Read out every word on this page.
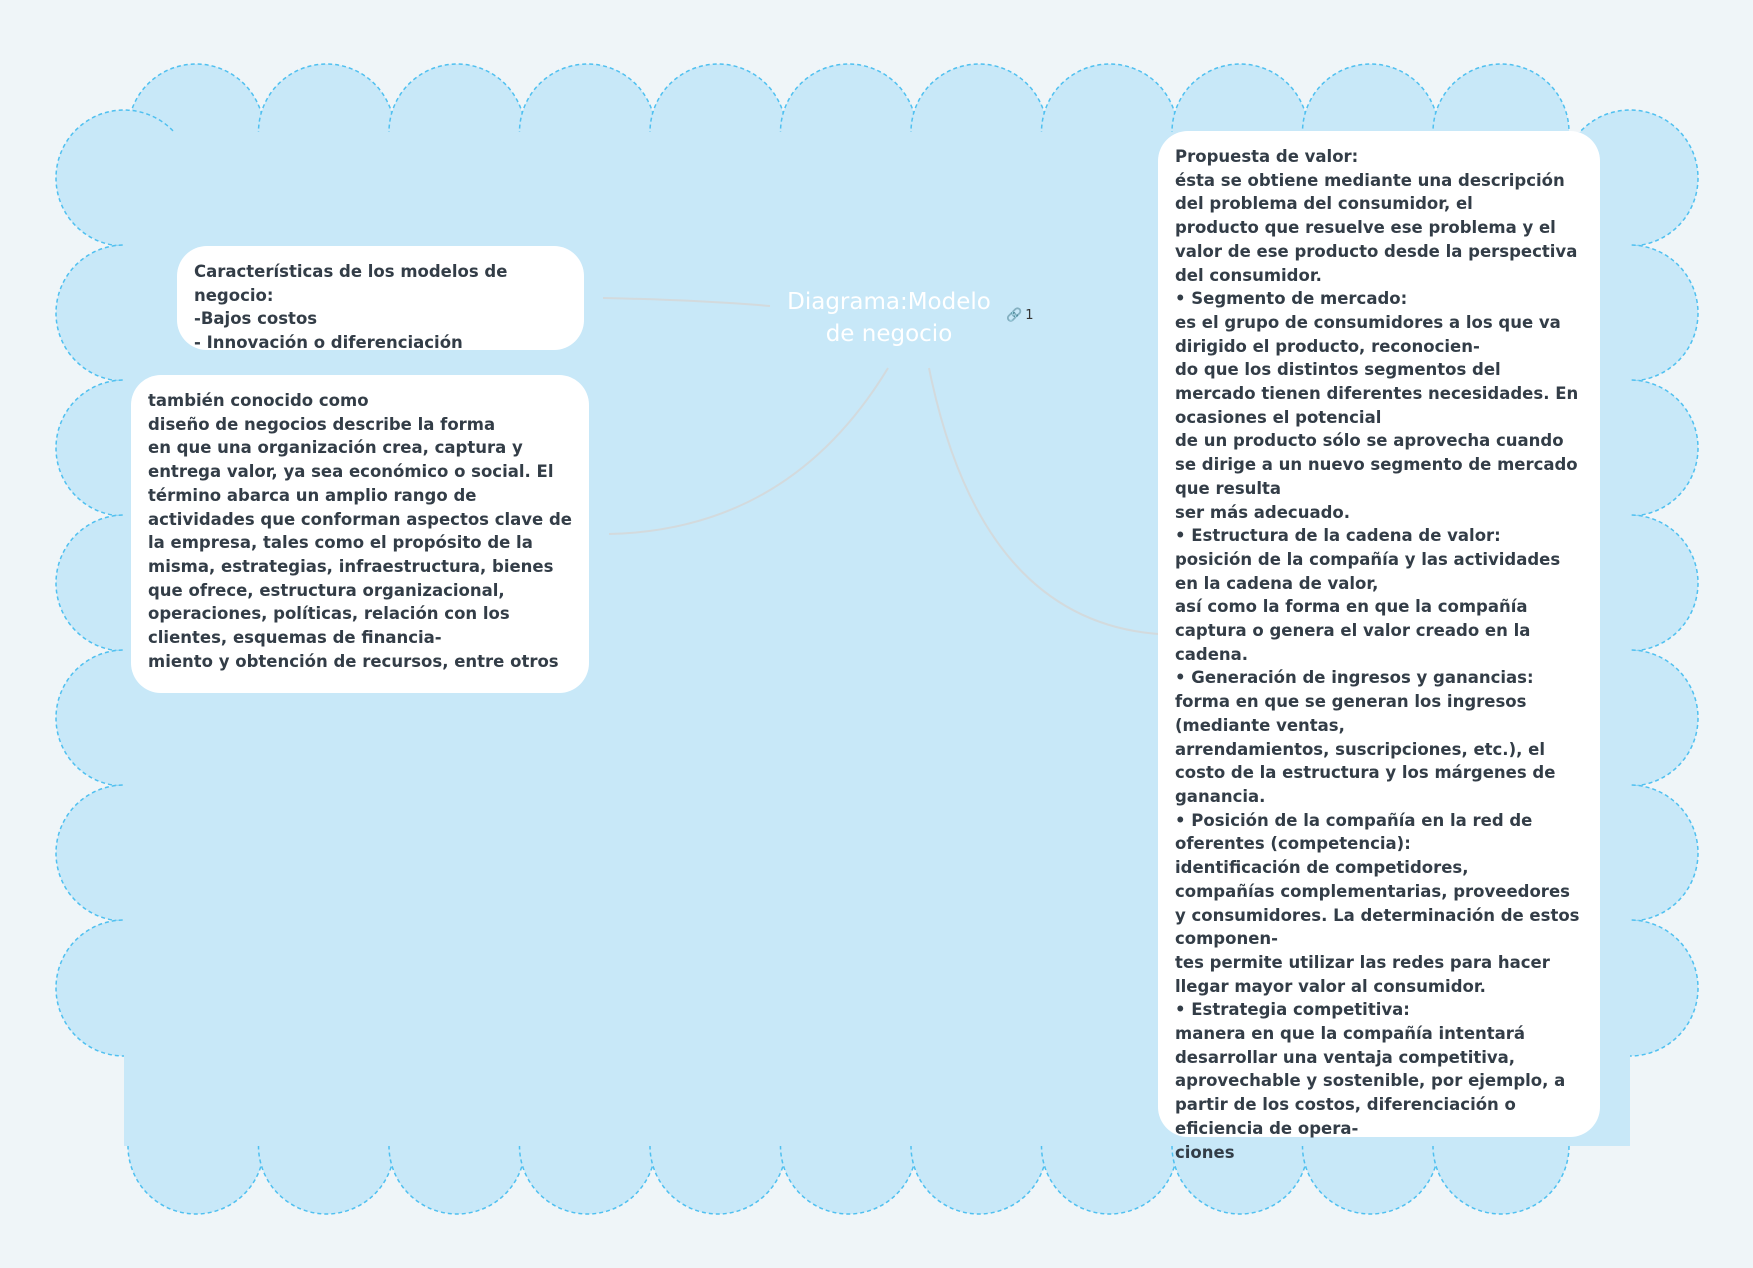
Diagrama:Modelo de negocio
🔗 1
Características de los modelos de negocio:
-Bajos costos
- Innovación o diferenciación
también conocido como
diseño de negocios describe la forma
en que una organización crea, captura y entrega valor, ya sea económico o social. El
término abarca un amplio rango de actividades que conforman aspectos clave de la empresa, tales como el propósito de la misma, estrategias, infraestructura, bienes que ofrece, estructura organizacional, operaciones, políticas, relación con los clientes, esquemas de financia-
miento y obtención de recursos, entre otros
Propuesta de valor:
ésta se obtiene mediante una descripción del problema del consumidor, el
producto que resuelve ese problema y el valor de ese producto desde la perspectiva del consumidor.
• Segmento de mercado:
es el grupo de consumidores a los que va dirigido el producto, reconocien-
do que los distintos segmentos del mercado tienen diferentes necesidades. En ocasiones el potencial
de un producto sólo se aprovecha cuando se dirige a un nuevo segmento de mercado que resulta
ser más adecuado.
• Estructura de la cadena de valor:
posición de la compañía y las actividades en la cadena de valor,
así como la forma en que la compañía captura o genera el valor creado en la cadena.
• Generación de ingresos y ganancias:
forma en que se generan los ingresos (mediante ventas,
arrendamientos, suscripciones, etc.), el costo de la estructura y los márgenes de ganancia.
• Posición de la compañía en la red de oferentes (competencia):
identificación de competidores,
compañías complementarias, proveedores y consumidores. La determinación de estos componen-
tes permite utilizar las redes para hacer llegar mayor valor al consumidor.
• Estrategia competitiva:
manera en que la compañía intentará desarrollar una ventaja competitiva, aprovechable y sostenible, por ejemplo, a partir de los costos, diferenciación o eficiencia de opera-
ciones
